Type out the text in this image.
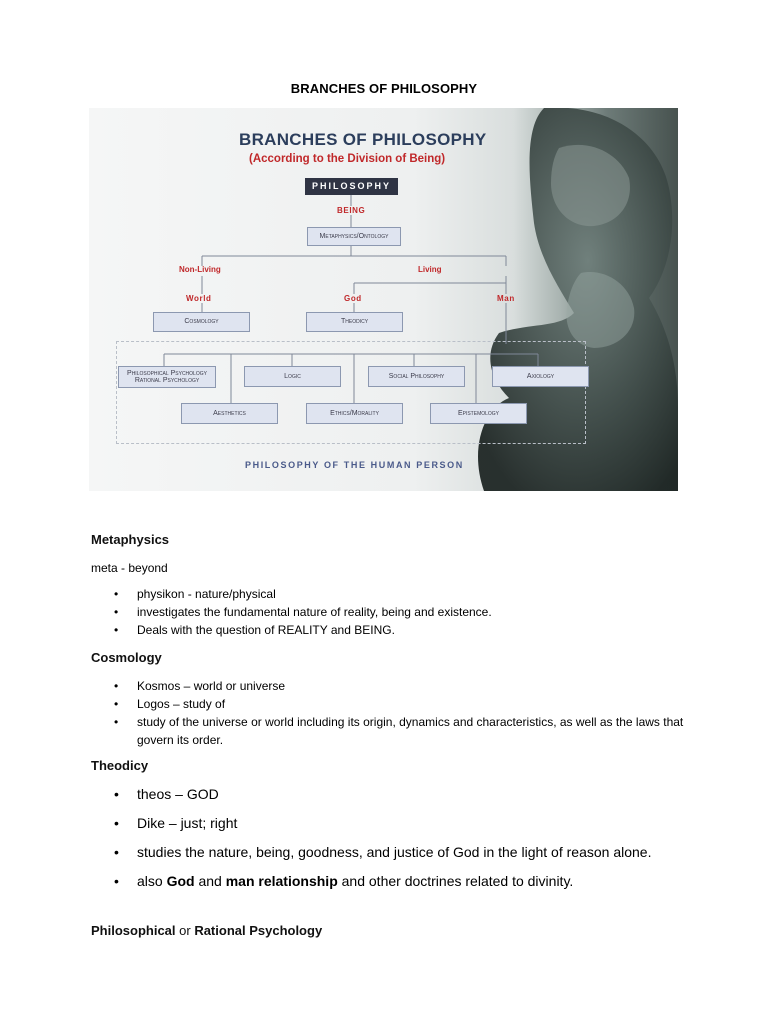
BRANCHES OF PHILOSOPHY
BRANCHES OF PHILOSOPHY
(According to the Division of Being)
PHILOSOPHY
BEING
Metaphysics/Ontology
Non-Living	Living
World	God	Man
Cosmology	Theodicy
Philosophical Psychology
Rational Psychology
Logic	Social Philosophy	Axiology
Aesthetics	Ethics/Morality	Epistemology
PHILOSOPHY OF THE HUMAN PERSON
Metaphysics
meta - beyond
• physikon - nature/physical
• investigates the fundamental nature of reality, being and existence.
• Deals with the question of REALITY and BEING.
Cosmology
• Kosmos – world or universe
• Logos – study of
• study of the universe or world including its origin, dynamics and characteristics, as well as the laws that govern its order.
Theodicy
• theos – GOD
• Dike – just; right
• studies the nature, being, goodness, and justice of God in the light of reason alone.
• also God and man relationship and other doctrines related to divinity.
Philosophical or Rational Psychology
